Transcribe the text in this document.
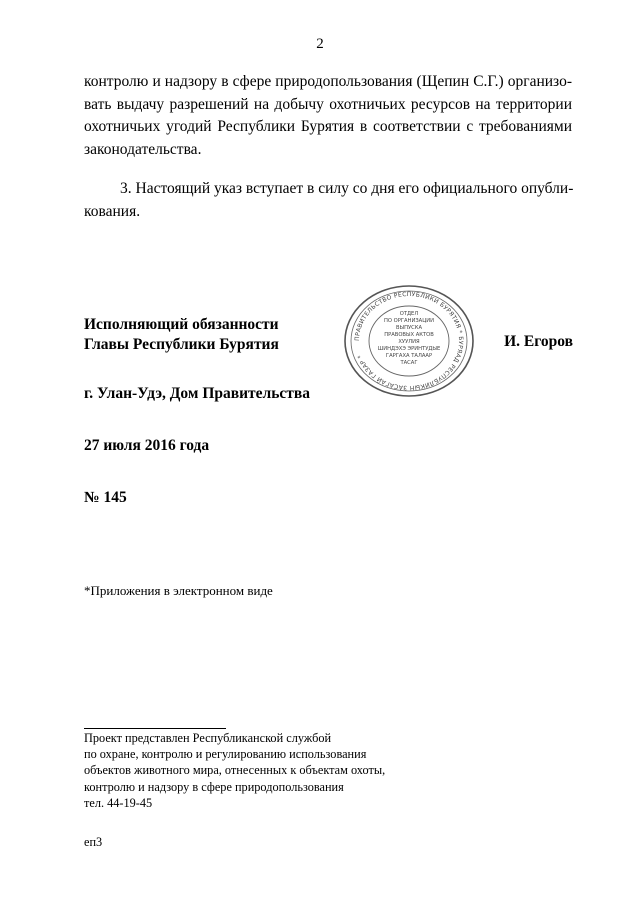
2
контролю и надзору в сфере природопользования (Щепин С.Г.) организо-
вать выдачу разрешений на добычу охотничьих ресурсов на территории
охотничьих угодий Республики Бурятия в соответствии с требованиями
законодательства.
3. Настоящий указ вступает в силу со дня его официального опубли-
кования.
Исполняющий обязанности
Главы Республики Бурятия	ПРАВИТЕЛЬСТВО РЕСПУБЛИКИ БУРЯТИЯ * БУРЯАД РЕСПУБЛИКЫН ЗАСАГАЙ ГАЗАР *
ОТДЕЛ
ПО ОРГАНИЗАЦИИ
ВЫПУСКА
ПРАВОВЫХ АКТОВ
ХУУЛИЯ
ШИНДЭХЭ ЭРИНТУДЫЕ
ГАРГАХА ТАЛААР
ТАСАГ
И. Егоров
г. Улан-Удэ, Дом Правительства
27 июля 2016 года
№ 145
*Приложения в электронном виде
Проект представлен Республиканской службой
по охране, контролю и регулированию использования
объектов животного мира, отнесенных к объектам охоты,
контролю и надзору в сфере природопользования
тел. 44-19-45
еп3
